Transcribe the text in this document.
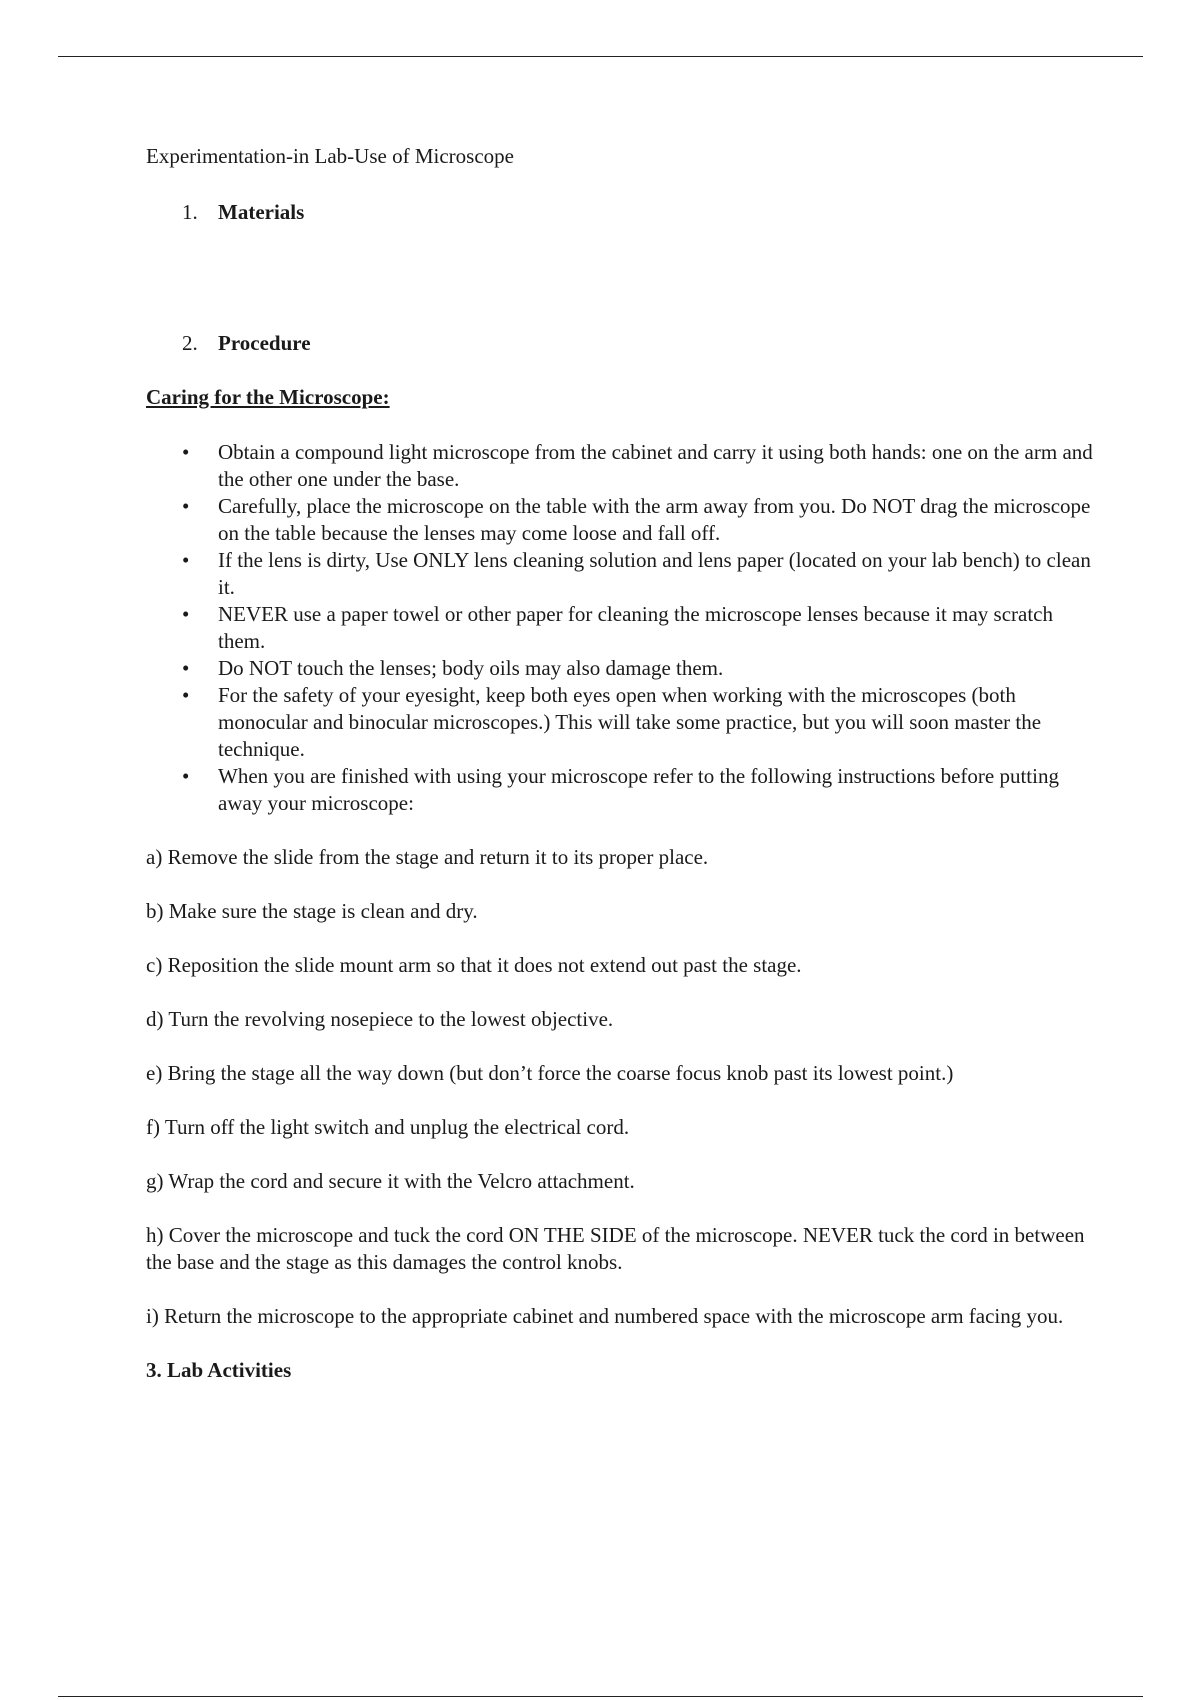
Experimentation-in Lab-Use of Microscope

1. Materials

2. Procedure

Caring for the Microscope:

• Obtain a compound light microscope from the cabinet and carry it using both hands: one on the arm and the other one under the base.
• Carefully, place the microscope on the table with the arm away from you. Do NOT drag the microscope on the table because the lenses may come loose and fall off.
• If the lens is dirty, Use ONLY lens cleaning solution and lens paper (located on your lab bench) to clean it.
• NEVER use a paper towel or other paper for cleaning the microscope lenses because it may scratch them.
• Do NOT touch the lenses; body oils may also damage them.
• For the safety of your eyesight, keep both eyes open when working with the microscopes (both monocular and binocular microscopes.) This will take some practice, but you will soon master the technique.
• When you are finished with using your microscope refer to the following instructions before putting away your microscope:

a) Remove the slide from the stage and return it to its proper place.

b) Make sure the stage is clean and dry.

c) Reposition the slide mount arm so that it does not extend out past the stage.

d) Turn the revolving nosepiece to the lowest objective.

e) Bring the stage all the way down (but don’t force the coarse focus knob past its lowest point.)

f) Turn off the light switch and unplug the electrical cord.

g) Wrap the cord and secure it with the Velcro attachment.

h) Cover the microscope and tuck the cord ON THE SIDE of the microscope. NEVER tuck the cord in between the base and the stage as this damages the control knobs.

i) Return the microscope to the appropriate cabinet and numbered space with the microscope arm facing you.

3. Lab Activities
